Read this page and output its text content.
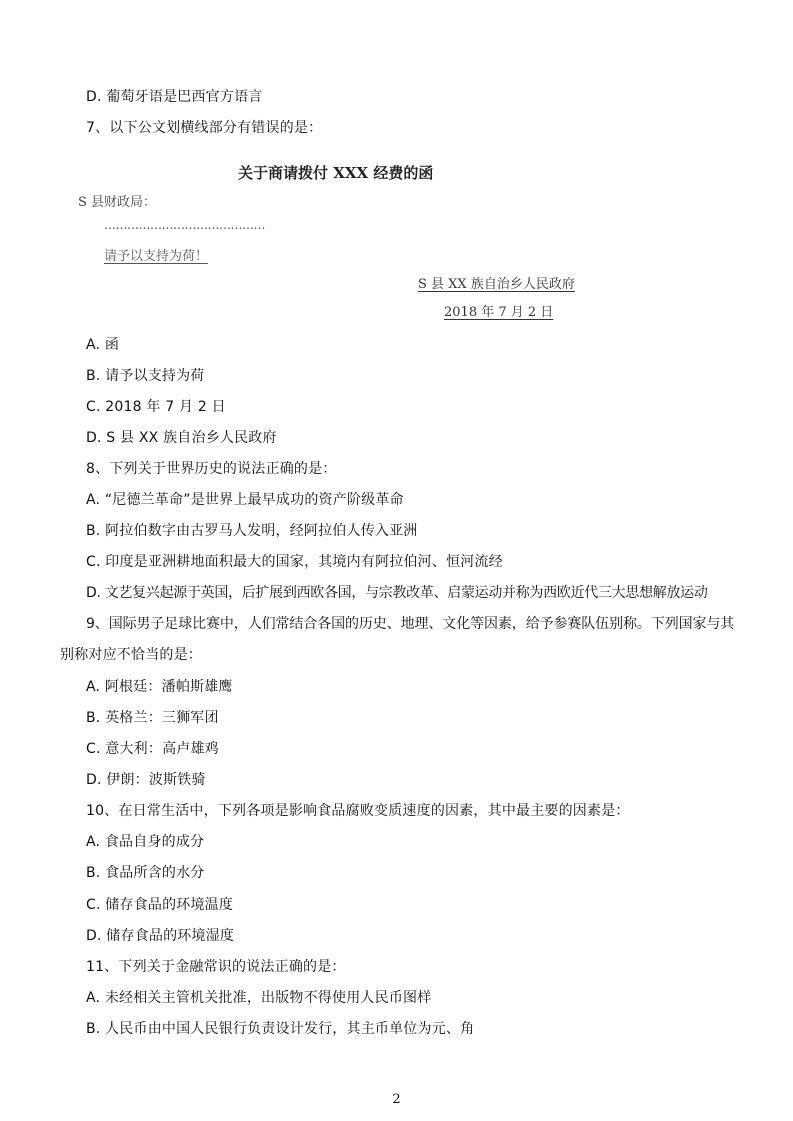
D. 葡萄牙语是巴西官方语言
7、以下公文划横线部分有错误的是：
关于商请拨付 XXX 经费的函
S 县财政局：
……………………………………
请予以支持为荷！
S 县 XX 族自治乡人民政府
2018 年 7 月 2 日
A. 函
B. 请予以支持为荷
C. 2018 年 7 月 2 日
D. S 县 XX 族自治乡人民政府
8、下列关于世界历史的说法正确的是：
A. “尼德兰革命”是世界上最早成功的资产阶级革命
B. 阿拉伯数字由古罗马人发明，经阿拉伯人传入亚洲
C. 印度是亚洲耕地面积最大的国家，其境内有阿拉伯河、恒河流经
D. 文艺复兴起源于英国，后扩展到西欧各国，与宗教改革、启蒙运动并称为西欧近代三大思想解放运动
9、国际男子足球比赛中，人们常结合各国的历史、地理、文化等因素，给予参赛队伍别称。下列国家与其
别称对应不恰当的是：
A. 阿根廷：潘帕斯雄鹰
B. 英格兰：三狮军团
C. 意大利：高卢雄鸡
D. 伊朗：波斯铁骑
10、在日常生活中，下列各项是影响食品腐败变质速度的因素，其中最主要的因素是：
A. 食品自身的成分
B. 食品所含的水分
C. 储存食品的环境温度
D. 储存食品的环境湿度
11、下列关于金融常识的说法正确的是：
A. 未经相关主管机关批准，出版物不得使用人民币图样
B. 人民币由中国人民银行负责设计发行，其主币单位为元、角
2
